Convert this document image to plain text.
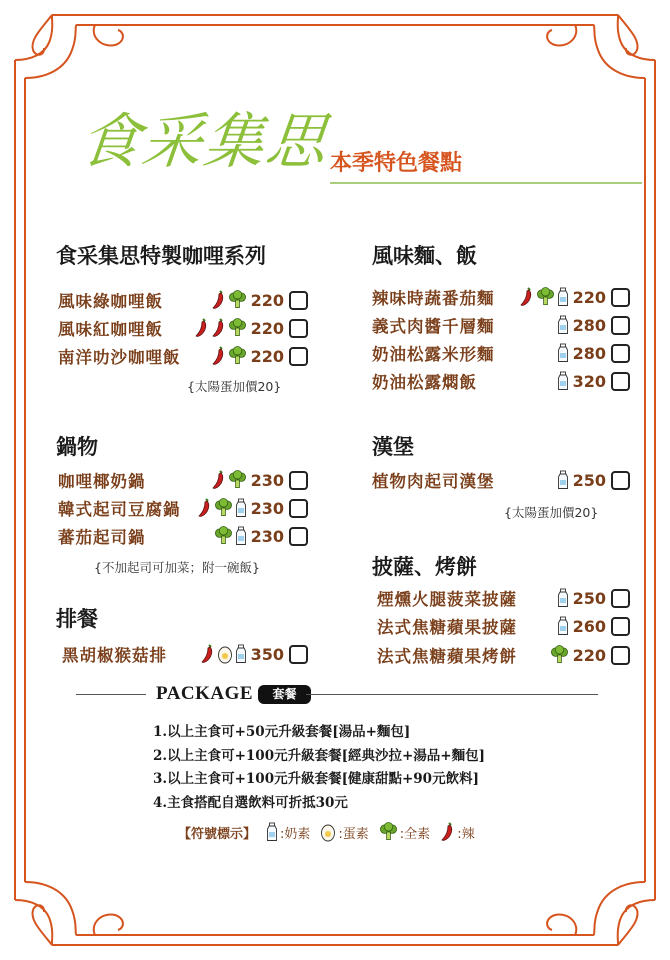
食采集思
本季特色餐點
食采集思特製咖哩系列
風味綠咖哩飯	220
風味紅咖哩飯	220
南洋叻沙咖哩飯	220
{太陽蛋加價20}
鍋物
咖哩椰奶鍋	230
韓式起司豆腐鍋	230
蕃茄起司鍋	230
{不加起司可加菜；附一碗飯}
排餐
黑胡椒猴菇排	350
風味麵、飯
辣味時蔬番茄麵	220
義式肉醬千層麵	280
奶油松露米形麵	280
奶油松露燜飯	320
漢堡
植物肉起司漢堡	250
{太陽蛋加價20}
披薩、烤餅
煙燻火腿菠菜披薩	250
法式焦糖蘋果披薩	260
法式焦糖蘋果烤餅	220
PACKAGE	套餐
1.以上主食可+50元升級套餐[湯品+麵包]
2.以上主食可+100元升級套餐[經典沙拉+湯品+麵包]
3.以上主食可+100元升級套餐[健康甜點+90元飲料]
4.主食搭配自選飲料可折抵30元
【符號標示】 :奶素 :蛋素 :全素 :辣
